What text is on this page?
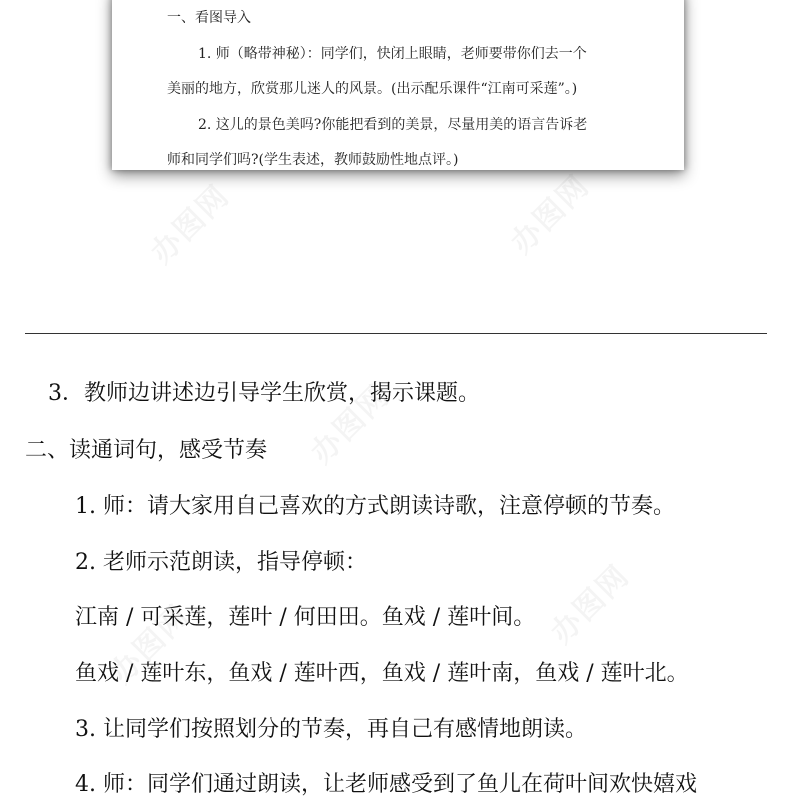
一、看图导入
1. 师（略带神秘）：同学们，快闭上眼睛，老师要带你们去一个
美丽的地方，欣赏那儿迷人的风景。(出示配乐课件“江南可采莲”。)
2. 这儿的景色美吗?你能把看到的美景，尽量用美的语言告诉老
师和同学们吗?(学生表述，教师鼓励性地点评。)
3．教师边讲述边引导学生欣赏，揭示课题。
二、读通词句，感受节奏
1. 师：请大家用自己喜欢的方式朗读诗歌，注意停顿的节奏。
2. 老师示范朗读，指导停顿：
江南 / 可采莲，莲叶 / 何田田。鱼戏 / 莲叶间。
鱼戏 / 莲叶东，鱼戏 / 莲叶西，鱼戏 / 莲叶南，鱼戏 / 莲叶北。
3. 让同学们按照划分的节奏，再自己有感情地朗读。
4. 师：同学们通过朗读，让老师感受到了鱼儿在荷叶间欢快嬉戏
